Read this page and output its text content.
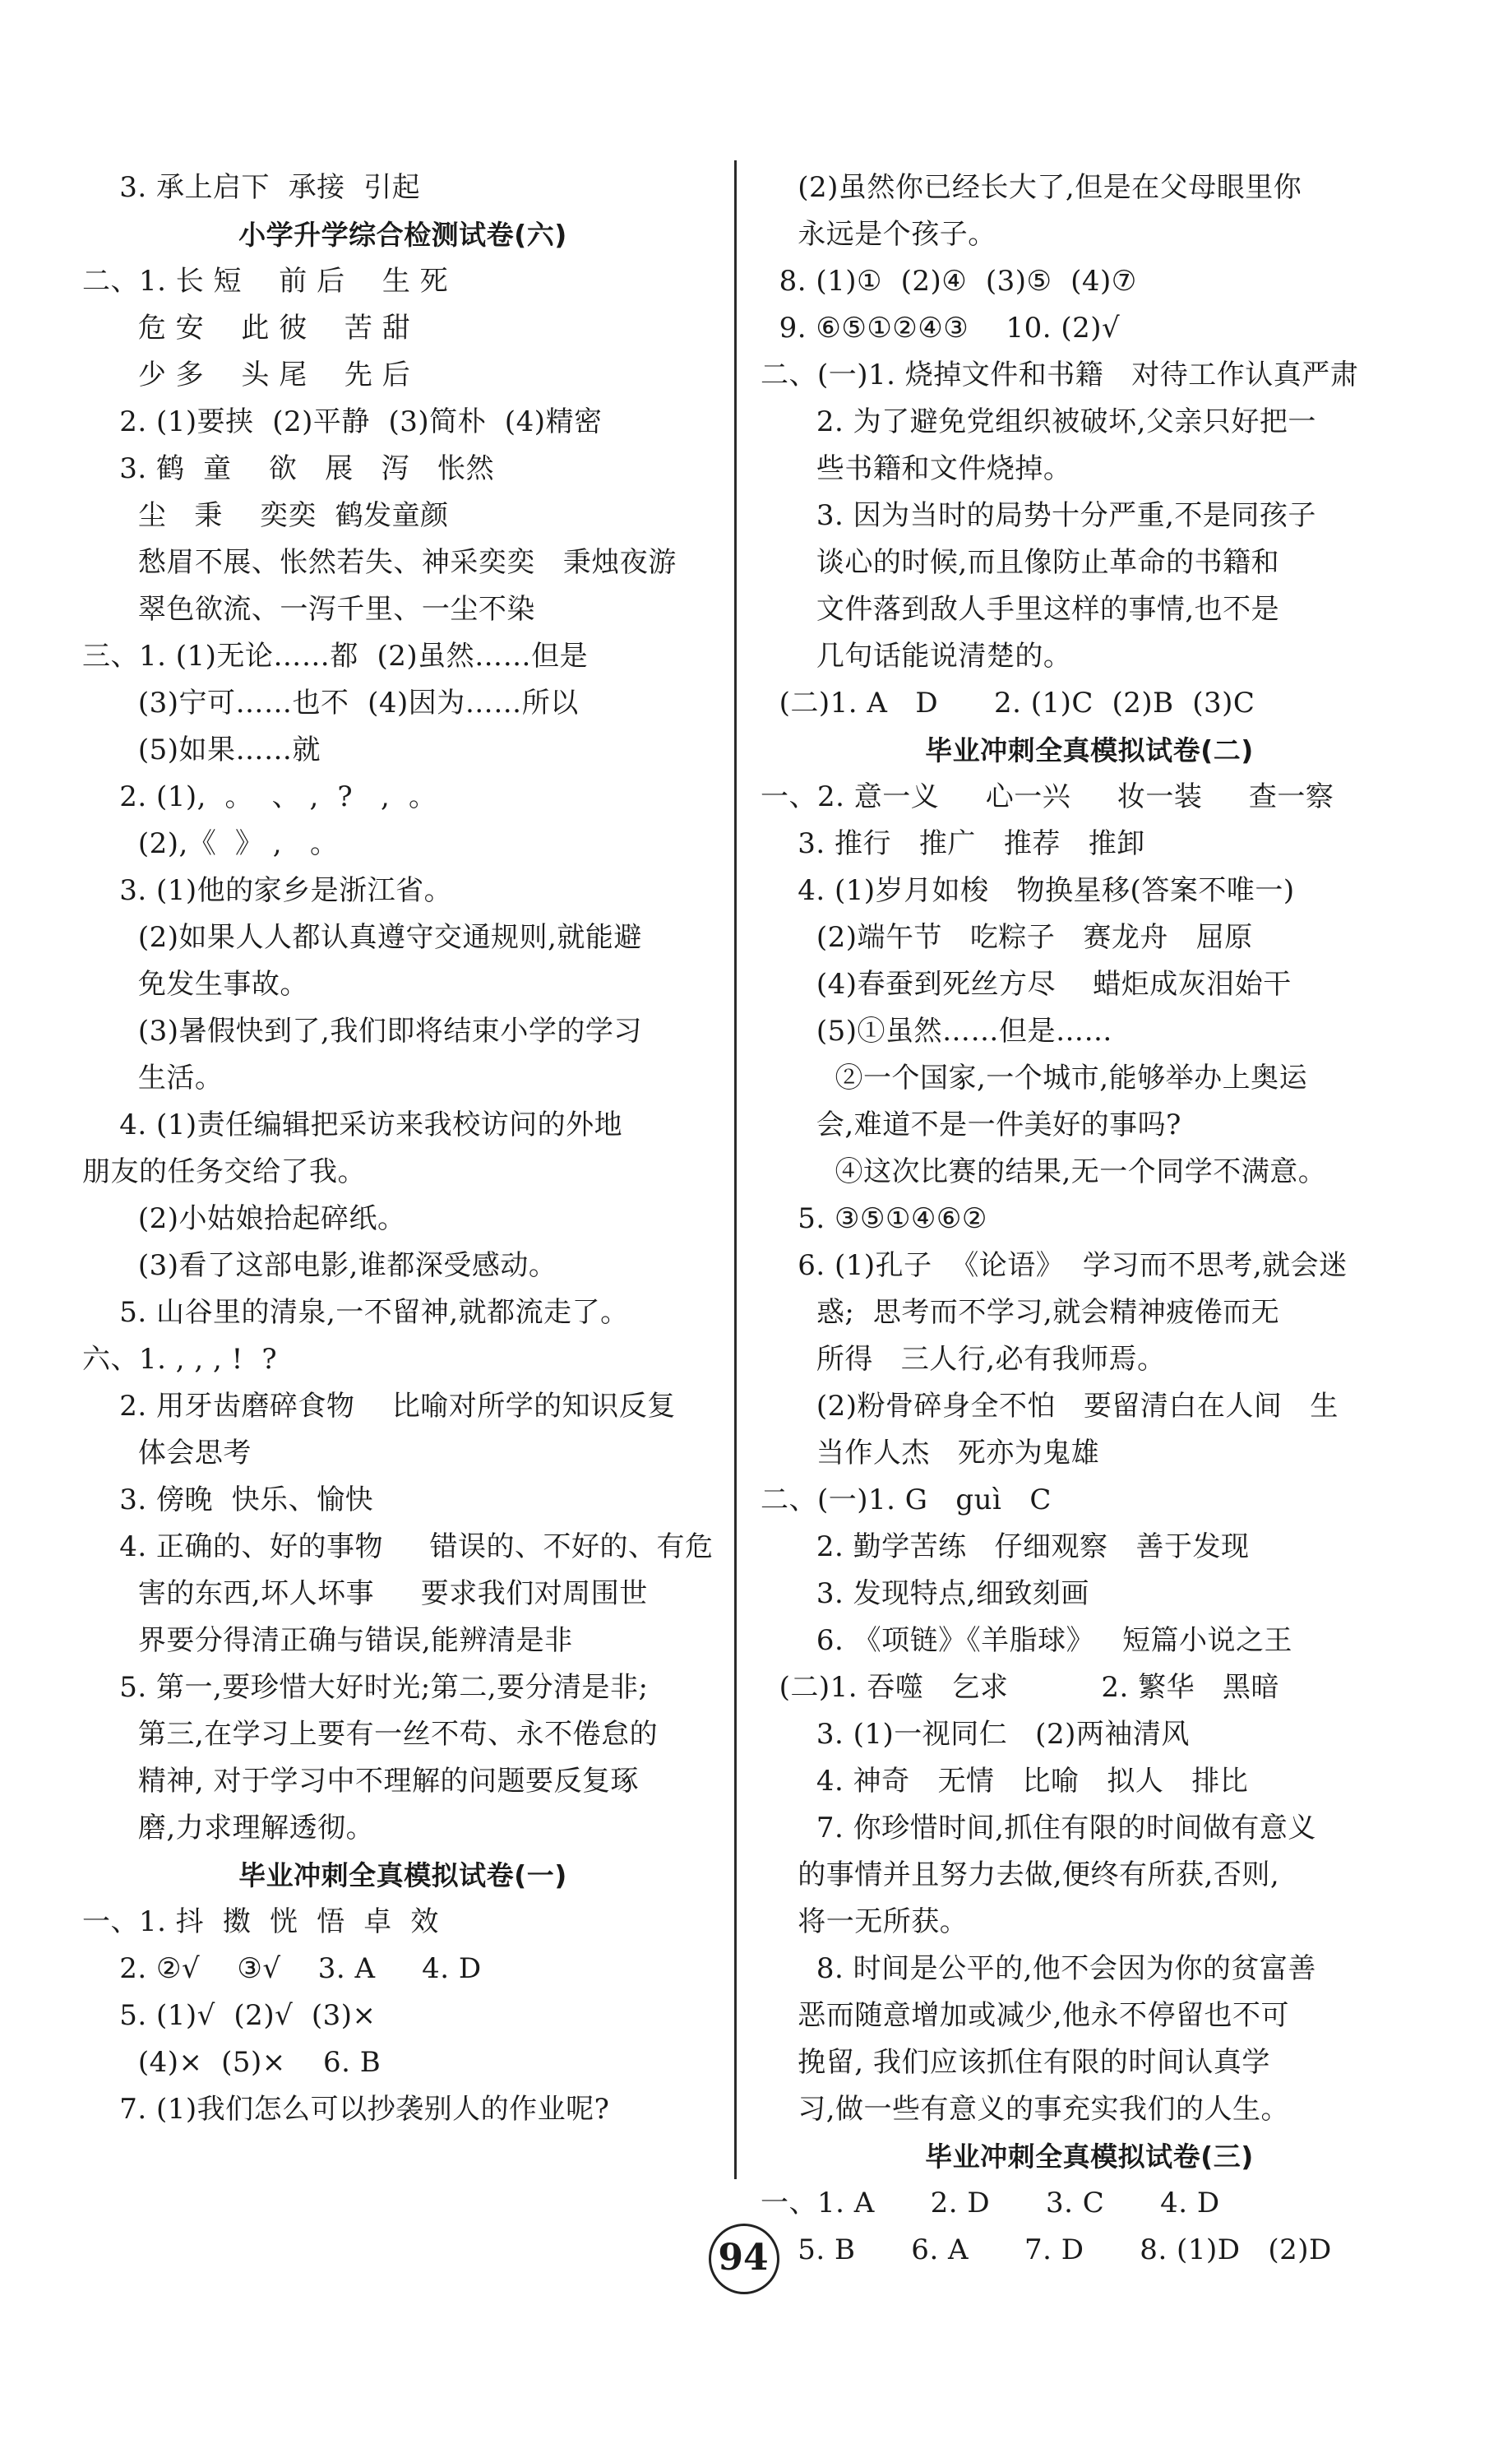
3. 承上启下  承接  引起
小学升学综合检测试卷(六)
二、1. 长 短    前 后    生 死
危 安    此 彼    苦 甜
少 多    头 尾    先 后
2. (1)要挟  (2)平静  (3)简朴  (4)精密
3. 鹤  童    欲   展   泻   怅然
尘   秉    奕奕  鹤发童颜
愁眉不展、怅然若失、神采奕奕   秉烛夜游
翠色欲流、一泻千里、一尘不染
三、1. (1)无论……都  (2)虽然……但是
(3)宁可……也不  (4)因为……所以
(5)如果……就
2. (1),  。  、 ,  ?   ,  。
(2),《  》 ,   。
3. (1)他的家乡是浙江省。
(2)如果人人都认真遵守交通规则,就能避
免发生事故。
(3)暑假快到了,我们即将结束小学的学习
生活。
4. (1)责任编辑把采访来我校访问的外地
朋友的任务交给了我。
(2)小姑娘拾起碎纸。
(3)看了这部电影,谁都深受感动。
5. 山谷里的清泉,一不留神,就都流走了。
六、1. , , , !  ?
2. 用牙齿磨碎食物    比喻对所学的知识反复
体会思考
3. 傍晚  快乐、愉快
4. 正确的、好的事物     错误的、不好的、有危
害的东西,坏人坏事     要求我们对周围世
界要分得清正确与错误,能辨清是非
5. 第一,要珍惜大好时光;第二,要分清是非;
第三,在学习上要有一丝不苟、永不倦怠的
精神, 对于学习中不理解的问题要反复琢
磨,力求理解透彻。
毕业冲刺全真模拟试卷(一)
一、1. 抖  擞  恍  悟  卓  效
2. ②√    ③√    3. A     4. D
5. (1)√  (2)√  (3)×
(4)×  (5)×    6. B
7. (1)我们怎么可以抄袭别人的作业呢?
(2)虽然你已经长大了,但是在父母眼里你
永远是个孩子。
8. (1)①  (2)④  (3)⑤  (4)⑦
9. ⑥⑤①②④③    10. (2)√
二、(一)1. 烧掉文件和书籍   对待工作认真严肃
2. 为了避免党组织被破坏,父亲只好把一
些书籍和文件烧掉。
3. 因为当时的局势十分严重,不是同孩子
谈心的时候,而且像防止革命的书籍和
文件落到敌人手里这样的事情,也不是
几句话能说清楚的。
(二)1. A   D      2. (1)C  (2)B  (3)C
毕业冲刺全真模拟试卷(二)
一、2. 意一义     心一兴     妆一装     查一察
3. 推行   推广   推荐   推卸
4. (1)岁月如梭   物换星移(答案不唯一)
(2)端午节   吃粽子   赛龙舟   屈原
(4)春蚕到死丝方尽    蜡炬成灰泪始干
(5)①虽然……但是……
②一个国家,一个城市,能够举办上奥运
会,难道不是一件美好的事吗?
④这次比赛的结果,无一个同学不满意。
5. ③⑤①④⑥②
6. (1)孔子  《论语》  学习而不思考,就会迷
惑;  思考而不学习,就会精神疲倦而无
所得   三人行,必有我师焉。
(2)粉骨碎身全不怕   要留清白在人间   生
当作人杰   死亦为鬼雄
二、(一)1. G   guì   C
2. 勤学苦练   仔细观察   善于发现
3. 发现特点,细致刻画
6. 《项链》《羊脂球》   短篇小说之王
(二)1. 吞噬   乞求          2. 繁华   黑暗
3. (1)一视同仁   (2)两袖清风
4. 神奇   无情   比喻   拟人   排比
7. 你珍惜时间,抓住有限的时间做有意义
的事情并且努力去做,便终有所获,否则,
将一无所获。
8. 时间是公平的,他不会因为你的贫富善
恶而随意增加或减少,他永不停留也不可
挽留, 我们应该抓住有限的时间认真学
习,做一些有意义的事充实我们的人生。
毕业冲刺全真模拟试卷(三)
一、1. A      2. D      3. C      4. D
5. B      6. A      7. D      8. (1)D   (2)D
94
